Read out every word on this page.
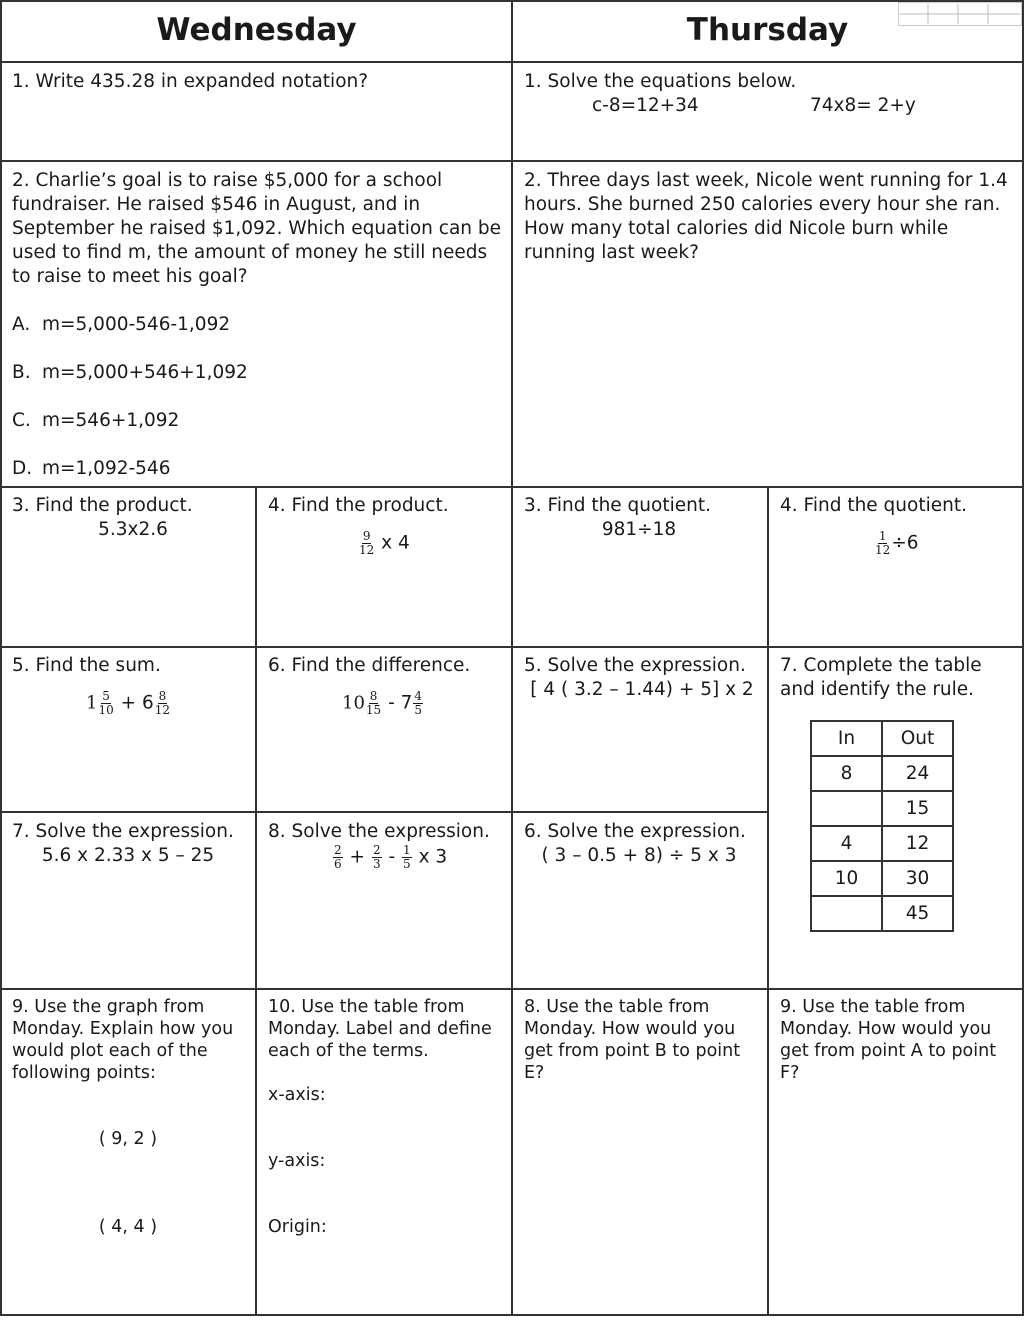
Wednesday	Thursday
1. Write 435.28 in expanded notation?	1. Solve the equations below.
c-8=12+34	74x8= 2+y
2. Charlie’s goal is to raise $5,000 for a school fundraiser. He raised $546 in August, and in September he raised $1,092. Which equation can be used to find m, the amount of money he still needs to raise to meet his goal?
A. m=5,000-546-1,092
B. m=5,000+546+1,092
C. m=546+1,092
D. m=1,092-546
2. Three days last week, Nicole went running for 1.4 hours. She burned 250 calories every hour she ran. How many total calories did Nicole burn while running last week?
3. Find the product.
5.3x2.6
4. Find the product.
$\frac{9}{12}$ x 4
3. Find the quotient.
981÷18
4. Find the quotient.
$\frac{1}{12} \div 6$
5. Find the sum.
$1 \frac{5}{10} + 6 \frac{8}{12}$
6. Find the difference.
$10 \frac{8}{15} - 7 \frac{4}{5}$
5. Solve the expression.
[ 4 ( 3.2 – 1.44) + 5] x 2
7. Complete the table and identify the rule.
In	Out
8	24
	15
4	12
10	30
	45
7. Solve the expression.
5.6 x 2.33 x 5 – 25
8. Solve the expression.
$\frac{2}{6} + \frac{2}{3} - \frac{1}{5}$ x 3
6. Solve the expression.
( 3 – 0.5 + 8) ÷ 5 x 3
9. Use the graph from Monday. Explain how you would plot each of the following points:
( 9, 2 )
( 4, 4 )
10. Use the table from Monday. Label and define each of the terms.
x-axis:
y-axis:
Origin:
8. Use the table from Monday. How would you get from point B to point E?
9. Use the table from Monday. How would you get from point A to point F?
